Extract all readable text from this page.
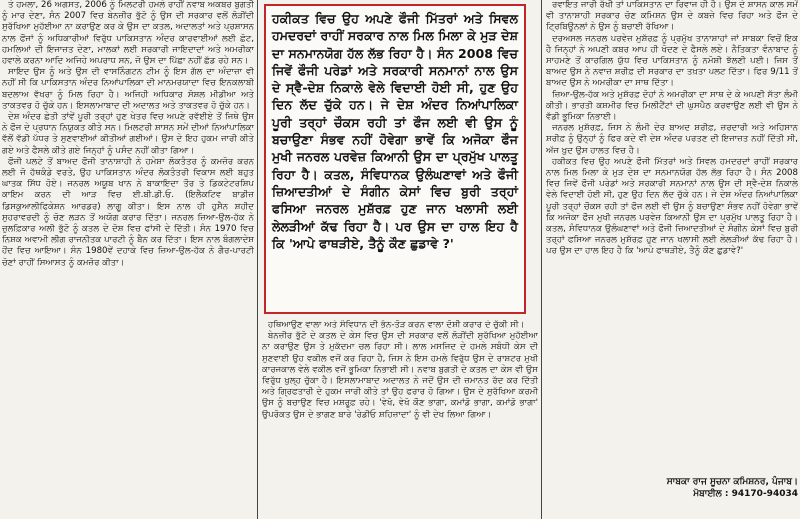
ਤੇ ਹਮਲਾ, 26 ਅਗਸਤ, 2006 ਨੂੰ ਮਿਲਟਰੀ ਹਮਲੇ ਰਾਹੀਂ ਨਵਾਬ ਅਕਬਰ ਬੁਗਤੀ ਨੂੰ ਮਾਰ ਦੇਣਾ, ਸੰਨ 2007 ਵਿਚ ਬੇਨਜ਼ੀਰ ਭੁੱਟੋ ਨੂੰ ਉਸ ਦੀ ਸਰਕਾਰ ਵਲੋਂ ਲੋੜੀਂਦੀ ਸੁਰੱਖਿਆ ਮੁਹੱਈਆ ਨਾ ਕਰਾਉਣ ਕਰ ਕੇ ਉਸ ਦਾ ਕਤਲ, ਅਦਾਲਤਾਂ ਅਤੇ ਪ੍ਰਸ਼ਾਸਨ ਨਾਲ ਫੌਜਾਂ ਨੂੰ ਅਧਿਕਾਰੀਆਂ ਵਿਰੁੱਧ ਪਾਕਿਸਤਾਨ ਅੰਦਰ ਕਾਰਵਾਈਆਂ ਲਈ ਛੋਟ, ਹਮਲਿਆਂ ਦੀ ਇਜਾਜ਼ਤ ਦੇਣਾ, ਮਾਲਕਾਂ ਲਈ ਸਰਕਾਰੀ ਜਾਇਦਾਦਾਂ ਅਤੇ ਅਮਰੀਕਾ ਹਵਾਲੇ ਕਰਨਾ ਆਦਿ ਅਜਿਹੇ ਅਪਰਾਧ ਸਨ, ਜੋ ਉਸ ਦਾ ਪਿੱਛਾ ਨਹੀਂ ਛੱਡ ਰਹੇ ਸਨ।

ਸਾਇਦ ਉਸ ਨੂੰ ਅਤੇ ਉਸ ਦੀ ਵਾਸਨਿੰਗਟਨ ਟੀਮ ਨੂੰ ਇਸ ਗੱਲ ਦਾ ਅੰਦਾਜ਼ਾ ਵੀ ਨਹੀਂ ਸੀ ਕਿ ਪਾਕਿਸਤਾਨ ਅੰਦਰ ਨਿਆਂਪਾਲਿਕਾ ਦੀ ਮਾਨਮਰਯਾਦਾ ਵਿਚ ਇਨਕਲਾਬੀ ਬਦਲਾਅ ਵੱਖਰਾ ਨੂੰ ਮਿਲ ਰਿਹਾ ਹੈ। ਅਜਿਹੀ ਅਧਿਕਾਰ ਸੋਸ਼ਲ ਮੀਡੀਆ ਅਤੇ ਤਾਕਤਵਰ ਹੋ ਚੁੱਕੇ ਹਨ। ਇਸਲਾਮਾਬਾਦ ਦੀ ਅਦਾਲਤ ਅਤੇ ਤਾਕਤਵਰ ਹੋ ਚੁੱਕੇ ਹਨ।

ਦੇਸ਼ ਅੰਦਰ ਛੇਤੀ ਤਾਂਵੇਂ ਪੂਰੀ ਤਰ੍ਹਾਂ ਹੁਣ ਖੇਤਰ ਵਿਚ ਅਪਣੇ ਰਵੱਈਏ ਤੋਂ ਜਿਥੇ ਉਸ ਨੇ ਫੌਜ ਦੇ ਪ੍ਰਧਾਨ ਨਿਯੁਕਤ ਕੀਤੇ ਸਨ। ਮਿਲਟਰੀ ਸ਼ਾਸਨ ਸਮੇਂ ਦੀਆਂ ਨਿਆਂਪਾਲਿਕਾ ਵੱਲੋਂ ਵੱਡੀ ਪੱਧਰ ਤੇ ਸੁਣਵਾਈਆਂ ਕੀਤੀਆਂ ਗਈਆਂ। ਉਸ ਦੇ ਇਹ ਹੁਕਮ ਜਾਰੀ ਕੀਤੇ ਗਏ ਅਤੇ ਫੈਸਲੇ ਕੀਤੇ ਗਏ ਜਿਨ੍ਹਾਂ ਨੂੰ ਪਸੰਦ ਨਹੀਂ ਕੀਤਾ ਗਿਆ।

ਫੌਜੀ ਪਲਟੇ ਤੋਂ ਬਾਅਦ ਫੌਜੀ ਤਾਨਾਸ਼ਾਹੀ ਨੇ ਹਮੇਸ਼ਾ ਲੋਕਤੰਤਰ ਨੂੰ ਕਮਜ਼ੋਰ ਕਰਨ ਲਈ ਜੋ ਹੱਥਕੰਡੇ ਵਰਤੇ, ਉਹ ਪਾਕਿਸਤਾਨ ਅੰਦਰ ਲੋਕਤੰਤਰੀ ਵਿਕਾਸ ਲਈ ਬਹੁਤ ਘਾਤਕ ਸਿੱਧ ਹੋਏ। ਜਨਰਲ ਅਯੂਬ ਖਾਨ ਨੇ ਬਾਕਾਇਦਾ ਤੌਰ ਤੇ ਡਿਕਟੇਟਰਸ਼ਿਪ ਕਾਇਮ ਕਰਨ ਦੀ ਆੜ ਵਿਚ ਈ.ਬੀ.ਡੀ.ਓ. (ਇਲੈਕਟਿਵ ਬਾਡੀਜ਼ ਡਿਸਕੁਆਲੀਫਿਕੇਸ਼ਨ ਆਰਡਰ) ਲਾਗੂ ਕੀਤਾ। ਇਸ ਨਾਲ ਹੀ ਹੁਸੈਨ ਸ਼ਹੀਦ ਸੁਹਰਾਵਰਦੀ ਨੂੰ ਚੋਣ ਲੜਨ ਤੋਂ ਅਯੋਗ ਕਰਾਰ ਦਿੱਤਾ। ਜਨਰਲ ਜ਼ਿਆ-ਉਲ-ਹੱਕ ਨੇ ਜ਼ੁਲਫ਼ਿਕਾਰ ਅਲੀ ਭੁੱਟੋ ਨੂੰ ਕਤਲ ਦੇ ਦੋਸ਼ ਵਿਚ ਫਾਂਸੀ ਦੇ ਦਿੱਤੀ। ਸੰਨ 1970 ਵਿਚ ਨਿਸ਼ਕ ਅਵਾਮੀ ਲੀਗ ਰਾਜਨੀਤਕ ਪਾਰਟੀ ਨੂੰ ਬੈਨ ਕਰ ਦਿੱਤਾ। ਇਸ ਨਾਲ ਬੰਗਲਾਦੇਸ਼ ਹੋਂਦ ਵਿਚ ਆਇਆ। ਸੰਨ 1980ਵੇਂ ਦਹਾਕੇ ਵਿਚ ਜ਼ਿਆ-ਉਲ-ਹੱਕ ਨੇ ਗੈਰ-ਪਾਰਟੀ ਚੋਣਾਂ ਰਾਹੀਂ ਸਿਆਸਤ ਨੂੰ ਕਮਜ਼ੋਰ ਕੀਤਾ।

ਹਕੀਕਤ ਵਿਚ ਉਹ ਅਪਣੇ ਫੌਜੀ ਮਿੱਤਰਾਂ ਅਤੇ ਸਿਵਲ ਹਮਦਰਦਾਂ ਰਾਹੀਂ ਸਰਕਾਰ ਨਾਲ ਮਿਲ ਮਿਲਾ ਕੇ ਮੁੜ ਦੇਸ਼ ਦਾ ਸਨਮਾਨਯੋਗ ਹੱਲ ਲੱਭ ਰਿਹਾ ਹੈ। ਸੰਨ 2008 ਵਿਚ ਜਿਵੇਂ ਫੌਜੀ ਪਰੇਡਾਂ ਅਤੇ ਸਰਕਾਰੀ ਸਨਮਾਨਾਂ ਨਾਲ ਉਸ ਦੇ ਸ੍ਵੈ-ਦੇਸ਼ ਨਿਕਾਲੇ ਵੇਲੇ ਵਿਦਾਈ ਹੋਈ ਸੀ, ਹੁਣ ਉਹ ਦਿਨ ਲੱਦ ਚੁੱਕੇ ਹਨ। ਜੇ ਦੇਸ਼ ਅੰਦਰ ਨਿਆਂਪਾਲਿਕਾ ਪੂਰੀ ਤਰ੍ਹਾਂ ਚੌਕਸ ਰਹੀ ਤਾਂ ਫੌਜ ਲਈ ਵੀ ਉਸ ਨੂੰ ਬਚਾਉਣਾ ਸੰਭਵ ਨਹੀਂ ਹੋਵੇਗਾ ਭਾਵੇਂ ਕਿ ਅਜੋਕਾ ਫੌਜ ਮੁਖੀ ਜਨਰਲ ਪਰਵੇਜ਼ ਕਿਆਨੀ ਉਸ ਦਾ ਪ੍ਰਮੁੱਖ ਪਾਲਤੂ ਰਿਹਾ ਹੈ। ਕਤਲ, ਸੰਵਿਧਾਨਕ ਉਲੰਘਣਾਵਾਂ ਅਤੇ ਫੌਜੀ ਜ਼ਿਆਦਤੀਆਂ ਦੇ ਸੰਗੀਨ ਕੇਸਾਂ ਵਿਚ ਬੁਰੀ ਤਰ੍ਹਾਂ ਫਸਿਆ ਜਨਰਲ ਮੁਸ਼ੱਰਫ਼ ਹੁਣ ਜਾਨ ਖਲਾਸੀ ਲਈ ਲੇਲੜੀਆਂ ਕੱਢ ਰਿਹਾ ਹੈ। ਪਰ ਉਸ ਦਾ ਹਾਲ ਇਹ ਹੈ ਕਿ 'ਆਪੇ ਫਾਥੜੀਏ, ਤੈਨੂੰ ਕੌਣ ਛੁਡਾਵੇ ?'

ਹਥਿਆਉਣ ਵਾਲਾ ਅਤੇ ਸੰਵਿਧਾਨ ਦੀ ਭੰਨ-ਤੋੜ ਕਰਨ ਵਾਲਾ ਦੋਸ਼ੀ ਕਰਾਰ ਦੇ ਚੁੱਕੀ ਸੀ।

ਬੇਨਜ਼ੀਰ ਭੁੱਟੋ ਦੇ ਕਤਲ ਦੇ ਕੇਸ ਵਿਚ ਉਸ ਦੀ ਸਰਕਾਰ ਵਲੋਂ ਲੋੜੀਂਦੀ ਸੁਰੱਖਿਆ ਮੁਹੱਈਆ ਨਾ ਕਰਾਉਣ ਉਸ ਤੇ ਮੁਕੱਦਮਾ ਚਲ ਰਿਹਾ ਸੀ। ਲਾਲ ਮਸਜਿਦ ਦੇ ਹਮਲੇ ਸਬੰਧੀ ਕੇਸ ਦੀ ਸੁਣਵਾਈ ਉਹ ਵਕੀਲ ਵਜੋਂ ਕਰ ਰਿਹਾ ਹੈ, ਜਿਸ ਨੇ ਇਸ ਹਮਲੇ ਵਿਰੁੱਧ ਉਸ ਦੇ ਰਾਸ਼ਟਰ ਮੁਖੀ ਕਾਰਜਕਾਲ ਵੇਲੇ ਵਕੀਲ ਵਜੋਂ ਭੂਮਿਕਾ ਨਿਭਾਈ ਸੀ। ਨਵਾਬ ਬੁਗਤੀ ਦੇ ਕਤਲ ਦਾ ਕੇਸ ਵੀ ਉਸ ਵਿਰੁੱਧ ਖੁਲ੍ਹ ਚੁੱਕਾ ਹੈ। ਇਸਲਾਮਾਬਾਦ ਅਦਾਲਤ ਨੇ ਜਦੋਂ ਉਸ ਦੀ ਜ਼ਮਾਨਤ ਰੱਦ ਕਰ ਦਿੱਤੀ ਅਤੇ ਗ੍ਰਿਫਤਾਰੀ ਦੇ ਹੁਕਮ ਜਾਰੀ ਕੀਤੇ ਤਾਂ ਉਹ ਫਰਾਰ ਹੋ ਗਿਆ। ਉਸ ਦੇ ਸੁਰੱਖਿਆ ਕਰਮੀ ਉਸ ਨੂੰ ਬਚਾਉਣ ਵਿਚ ਮਸ਼ਰੂਫ਼ ਰਹੇ। 'ਵੇਖੋ, ਵੇਖੋ ਕੌਣ ਭਾਗਾ, ਕਮਾਂਡੋ ਭਾਗਾ, ਕਮਾਂਡੋ ਭਾਗਾ' ਉਪਰੋਕਤ ਉਸ ਦੇ ਭਾਗਣ ਬਾਰੇ 'ਰੇਡੀਓ ਸ਼ਹਿਜ਼ਾਦਾ' ਨੂੰ ਵੀ ਦੇਖ ਲਿਆ ਗਿਆ।

ਰਵਾਇਤ ਜਾਰੀ ਰੱਖੀ ਤਾਂ ਪਾਕਿਸਤਾਨ ਦਾ ਰਿਵਾਜ ਹੀ ਹੈ। ਉਸ ਦੇ ਸ਼ਾਸਨ ਕਾਲ ਸਮੇਂ ਵੀ ਤਾਨਾਸ਼ਾਹੀ ਸਰਕਾਰ ਚੋਣ ਕਮਿਸ਼ਨ ਉਸ ਦੇ ਕਬਜ਼ੇ ਵਿਚ ਰਿਹਾ ਅਤੇ ਫੌਜ ਦੇ ਟ੍ਰਿਬਿਊਨਲਾਂ ਨੇ ਉਸ ਨੂੰ ਬਚਾਈ ਰੱਖਿਆ।

ਦਰਅਸਲ ਜਨਰਲ ਪਰਵੇਜ਼ ਮੁਸ਼ੱਰਫ਼ ਨੂੰ ਪ੍ਰਮੁੱਖ ਤਾਨਾਸ਼ਾਹਾਂ ਜਾਂ ਸਾਬਕਾ ਵਿਚੋਂ ਇਕ ਹੈ ਜਿਨ੍ਹਾਂ ਨੇ ਅਪਣੀ ਕਬਰ ਆਪ ਹੀ ਖੋਦਣ ਦੇ ਫੈਸਲੇ ਲਏ। ਨੈਤਿਕਤਾ ਵੰਨਾਬਾਦ ਨੂੰ ਸਾਹਮਣੇ ਤੋਂ ਕਾਰਗਿਲ ਯੁੱਧ ਵਿਚ ਪਾਕਿਸਤਾਨ ਨੂੰ ਨਮੋਸ਼ੀ ਝੱਲਣੀ ਪਈ। ਜਿਸ ਤੋਂ ਬਾਅਦ ਉਸ ਨੇ ਨਵਾਜ਼ ਸ਼ਰੀਫ਼ ਦੀ ਸਰਕਾਰ ਦਾ ਤਖ਼ਤਾ ਪਲਟ ਦਿੱਤਾ। ਫਿਰ 9/11 ਤੋਂ ਬਾਅਦ ਉਸ ਨੇ ਅਮਰੀਕਾ ਦਾ ਸਾਥ ਦਿੱਤਾ।

ਜ਼ਿਆ-ਉਲ-ਹੱਕ ਅਤੇ ਮੁਸ਼ੱਰਫ਼ ਦੋਹਾਂ ਨੇ ਅਮਰੀਕਾ ਦਾ ਸਾਥ ਦੇ ਕੇ ਅਪਣੀ ਸੱਤਾ ਲੰਮੀ ਕੀਤੀ। ਭਾਰਤੀ ਕਸ਼ਮੀਰ ਵਿਚ ਮਿਲੀਟੈਂਟਾਂ ਦੀ ਘੁਸਪੈਠ ਕਰਵਾਉਣ ਲਈ ਵੀ ਉਸ ਨੇ ਵੱਡੀ ਭੂਮਿਕਾ ਨਿਭਾਈ।

ਜਨਰਲ ਮੁਸ਼ੱਰਫ਼, ਜਿਸ ਨੇ ਲੰਮੀ ਦੇਰ ਬਾਅਦ ਸ਼ਰੀਫ਼, ਜ਼ਰਦਾਰੀ ਅਤੇ ਅਹਿਸਾਨ ਸ਼ਰੀਫ਼ ਨੂੰ ਉਨ੍ਹਾਂ ਨੂੰ ਫਿਰ ਕਦੇ ਵੀ ਦੇਸ਼ ਅੰਦਰ ਪਰਤਣ ਦੀ ਇਜਾਜ਼ਤ ਨਹੀਂ ਦਿੱਤੀ ਸੀ, ਅੱਜ ਖ਼ੁਦ ਉਸ ਹਾਲਤ ਵਿਚ ਹੈ।

ਹਕੀਕਤ ਵਿਚ ਉਹ ਅਪਣੇ ਫੌਜੀ ਮਿੱਤਰਾਂ ਅਤੇ ਸਿਵਲ ਹਮਦਰਦਾਂ ਰਾਹੀਂ ਸਰਕਾਰ ਨਾਲ ਮਿਲ ਮਿਲਾ ਕੇ ਮੁੜ ਦੇਸ਼ ਦਾ ਸਨਮਾਨਯੋਗ ਹੱਲ ਲੱਭ ਰਿਹਾ ਹੈ। ਸੰਨ 2008 ਵਿਚ ਜਿਵੇਂ ਫੌਜੀ ਪਰੇਡਾਂ ਅਤੇ ਸਰਕਾਰੀ ਸਨਮਾਨਾਂ ਨਾਲ ਉਸ ਦੀ ਸ੍ਵੈ-ਦੇਸ਼ ਨਿਕਾਲੇ ਵੇਲੇ ਵਿਦਾਈ ਹੋਈ ਸੀ, ਹੁਣ ਉਹ ਦਿਨ ਲੱਦ ਚੁੱਕੇ ਹਨ। ਜੇ ਦੇਸ਼ ਅੰਦਰ ਨਿਆਂਪਾਲਿਕਾ ਪੂਰੀ ਤਰ੍ਹਾਂ ਚੌਕਸ ਰਹੀ ਤਾਂ ਫੌਜ ਲਈ ਵੀ ਉਸ ਨੂੰ ਬਚਾਉਣਾ ਸੰਭਵ ਨਹੀਂ ਹੋਵੇਗਾ ਭਾਵੇਂ ਕਿ ਅਜੋਕਾ ਫੌਜ ਮੁਖੀ ਜਨਰਲ ਪਰਵੇਜ਼ ਕਿਆਨੀ ਉਸ ਦਾ ਪ੍ਰਮੁੱਖ ਪਾਲਤੂ ਰਿਹਾ ਹੈ। ਕਤਲ, ਸੰਵਿਧਾਨਕ ਉਲੰਘਣਾਵਾਂ ਅਤੇ ਫੌਜੀ ਜ਼ਿਆਦਤੀਆਂ ਦੇ ਸੰਗੀਨ ਕੇਸਾਂ ਵਿਚ ਬੁਰੀ ਤਰ੍ਹਾਂ ਫਸਿਆ ਜਨਰਲ ਮੁਸ਼ੱਰਫ਼ ਹੁਣ ਜਾਨ ਖਲਾਸੀ ਲਈ ਲੇਲੜੀਆਂ ਕੱਢ ਰਿਹਾ ਹੈ। ਪਰ ਉਸ ਦਾ ਹਾਲ ਇਹ ਹੈ ਕਿ 'ਆਪੇ ਫਾਥੜੀਏ, ਤੈਨੂੰ ਕੌਣ ਛੁਡਾਵੇ?'

ਸਾਬਕਾ ਰਾਜ ਸੂਚਨਾ ਕਮਿਸ਼ਨਰ, ਪੰਜਾਬ।
ਮੋਬਾਈਲ : 94170-94034
